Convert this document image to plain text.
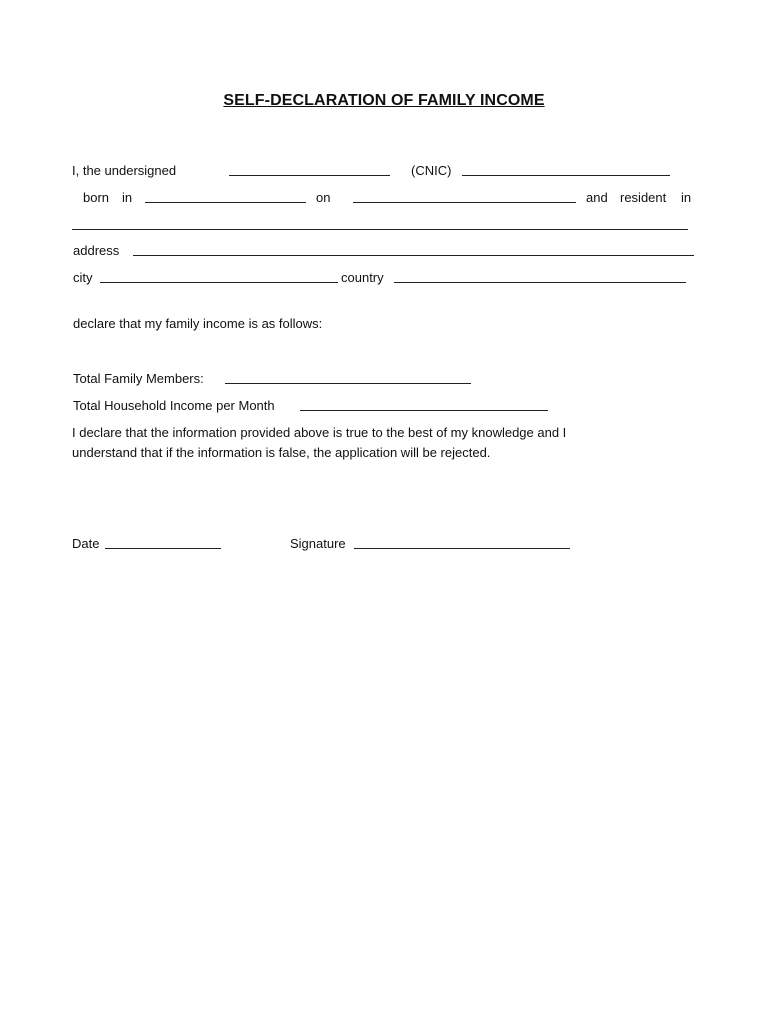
SELF-DECLARATION OF FAMILY INCOME
I, the undersigned	(CNIC)
born in	on	and resident in
address
city	country
declare that my family income is as follows:
Total Family Members:
Total Household Income per Month
I declare that the information provided above is true to the best of my knowledge and I
understand that if the information is false, the application will be rejected.
Date	Signature
